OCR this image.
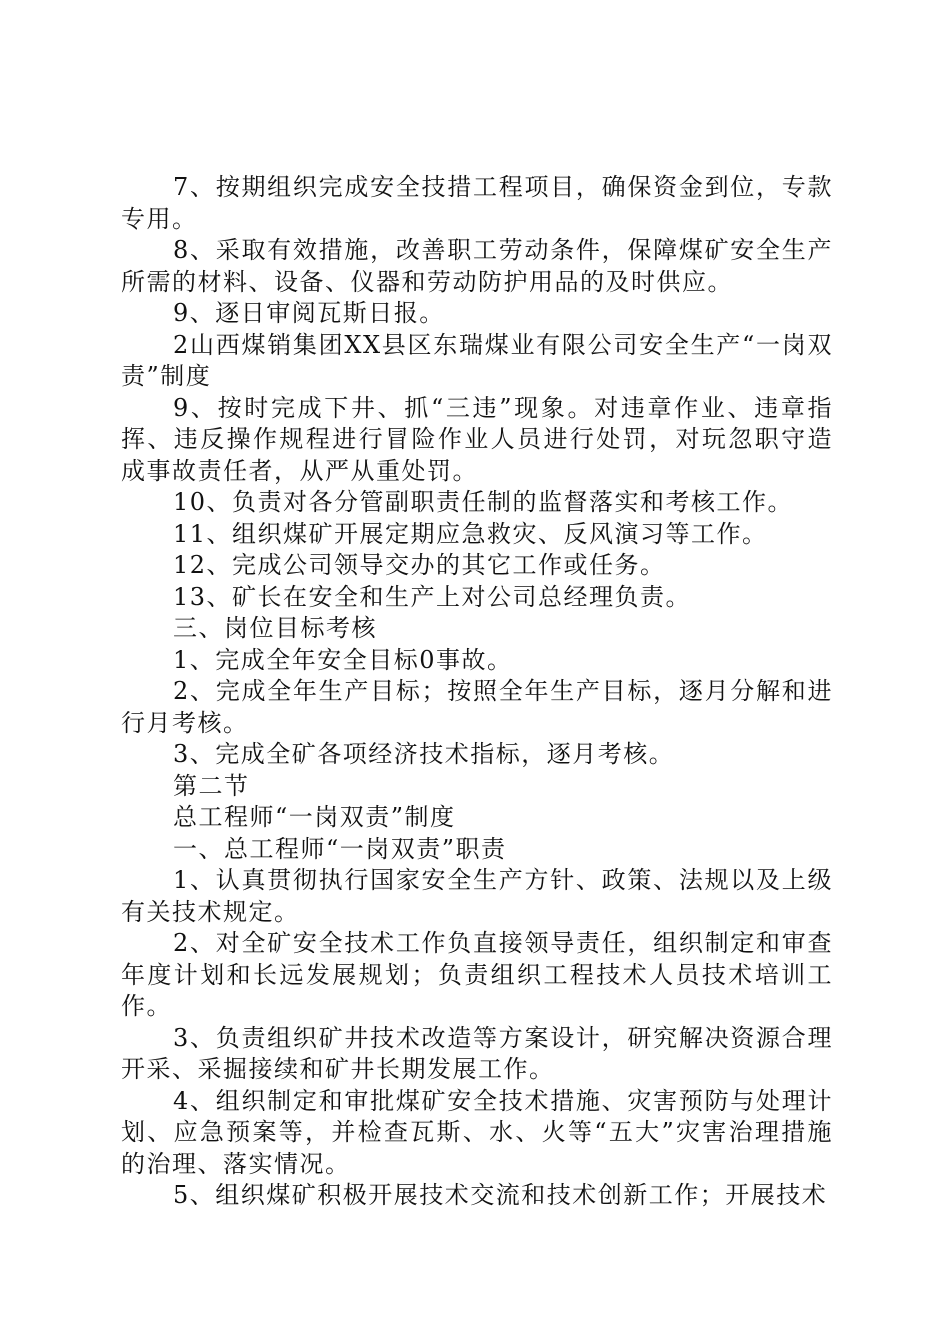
7、按期组织完成安全技措工程项目，确保资金到位，专款专用。

8、采取有效措施，改善职工劳动条件，保障煤矿安全生产所需的材料、设备、仪器和劳动防护用品的及时供应。

9、逐日审阅瓦斯日报。

2山西煤销集团XX县区东瑞煤业有限公司安全生产“一岗双责”制度

9、按时完成下井、抓“三违”现象。对违章作业、违章指挥、违反操作规程进行冒险作业人员进行处罚，对玩忽职守造成事故责任者，从严从重处罚。

10、负责对各分管副职责任制的监督落实和考核工作。

11、组织煤矿开展定期应急救灾、反风演习等工作。

12、完成公司领导交办的其它工作或任务。

13、矿长在安全和生产上对公司总经理负责。

三、岗位目标考核

1、完成全年安全目标0事故。

2、完成全年生产目标；按照全年生产目标，逐月分解和进行月考核。

3、完成全矿各项经济技术指标，逐月考核。

第二节

总工程师“一岗双责”制度

一、总工程师“一岗双责”职责

1、认真贯彻执行国家安全生产方针、政策、法规以及上级有关技术规定。

2、对全矿安全技术工作负直接领导责任，组织制定和审查年度计划和长远发展规划；负责组织工程技术人员技术培训工作。

3、负责组织矿井技术改造等方案设计，研究解决资源合理开采、采掘接续和矿井长期发展工作。

4、组织制定和审批煤矿安全技术措施、灾害预防与处理计划、应急预案等，并检查瓦斯、水、火等“五大”灾害治理措施的治理、落实情况。

5、组织煤矿积极开展技术交流和技术创新工作；开展技术
